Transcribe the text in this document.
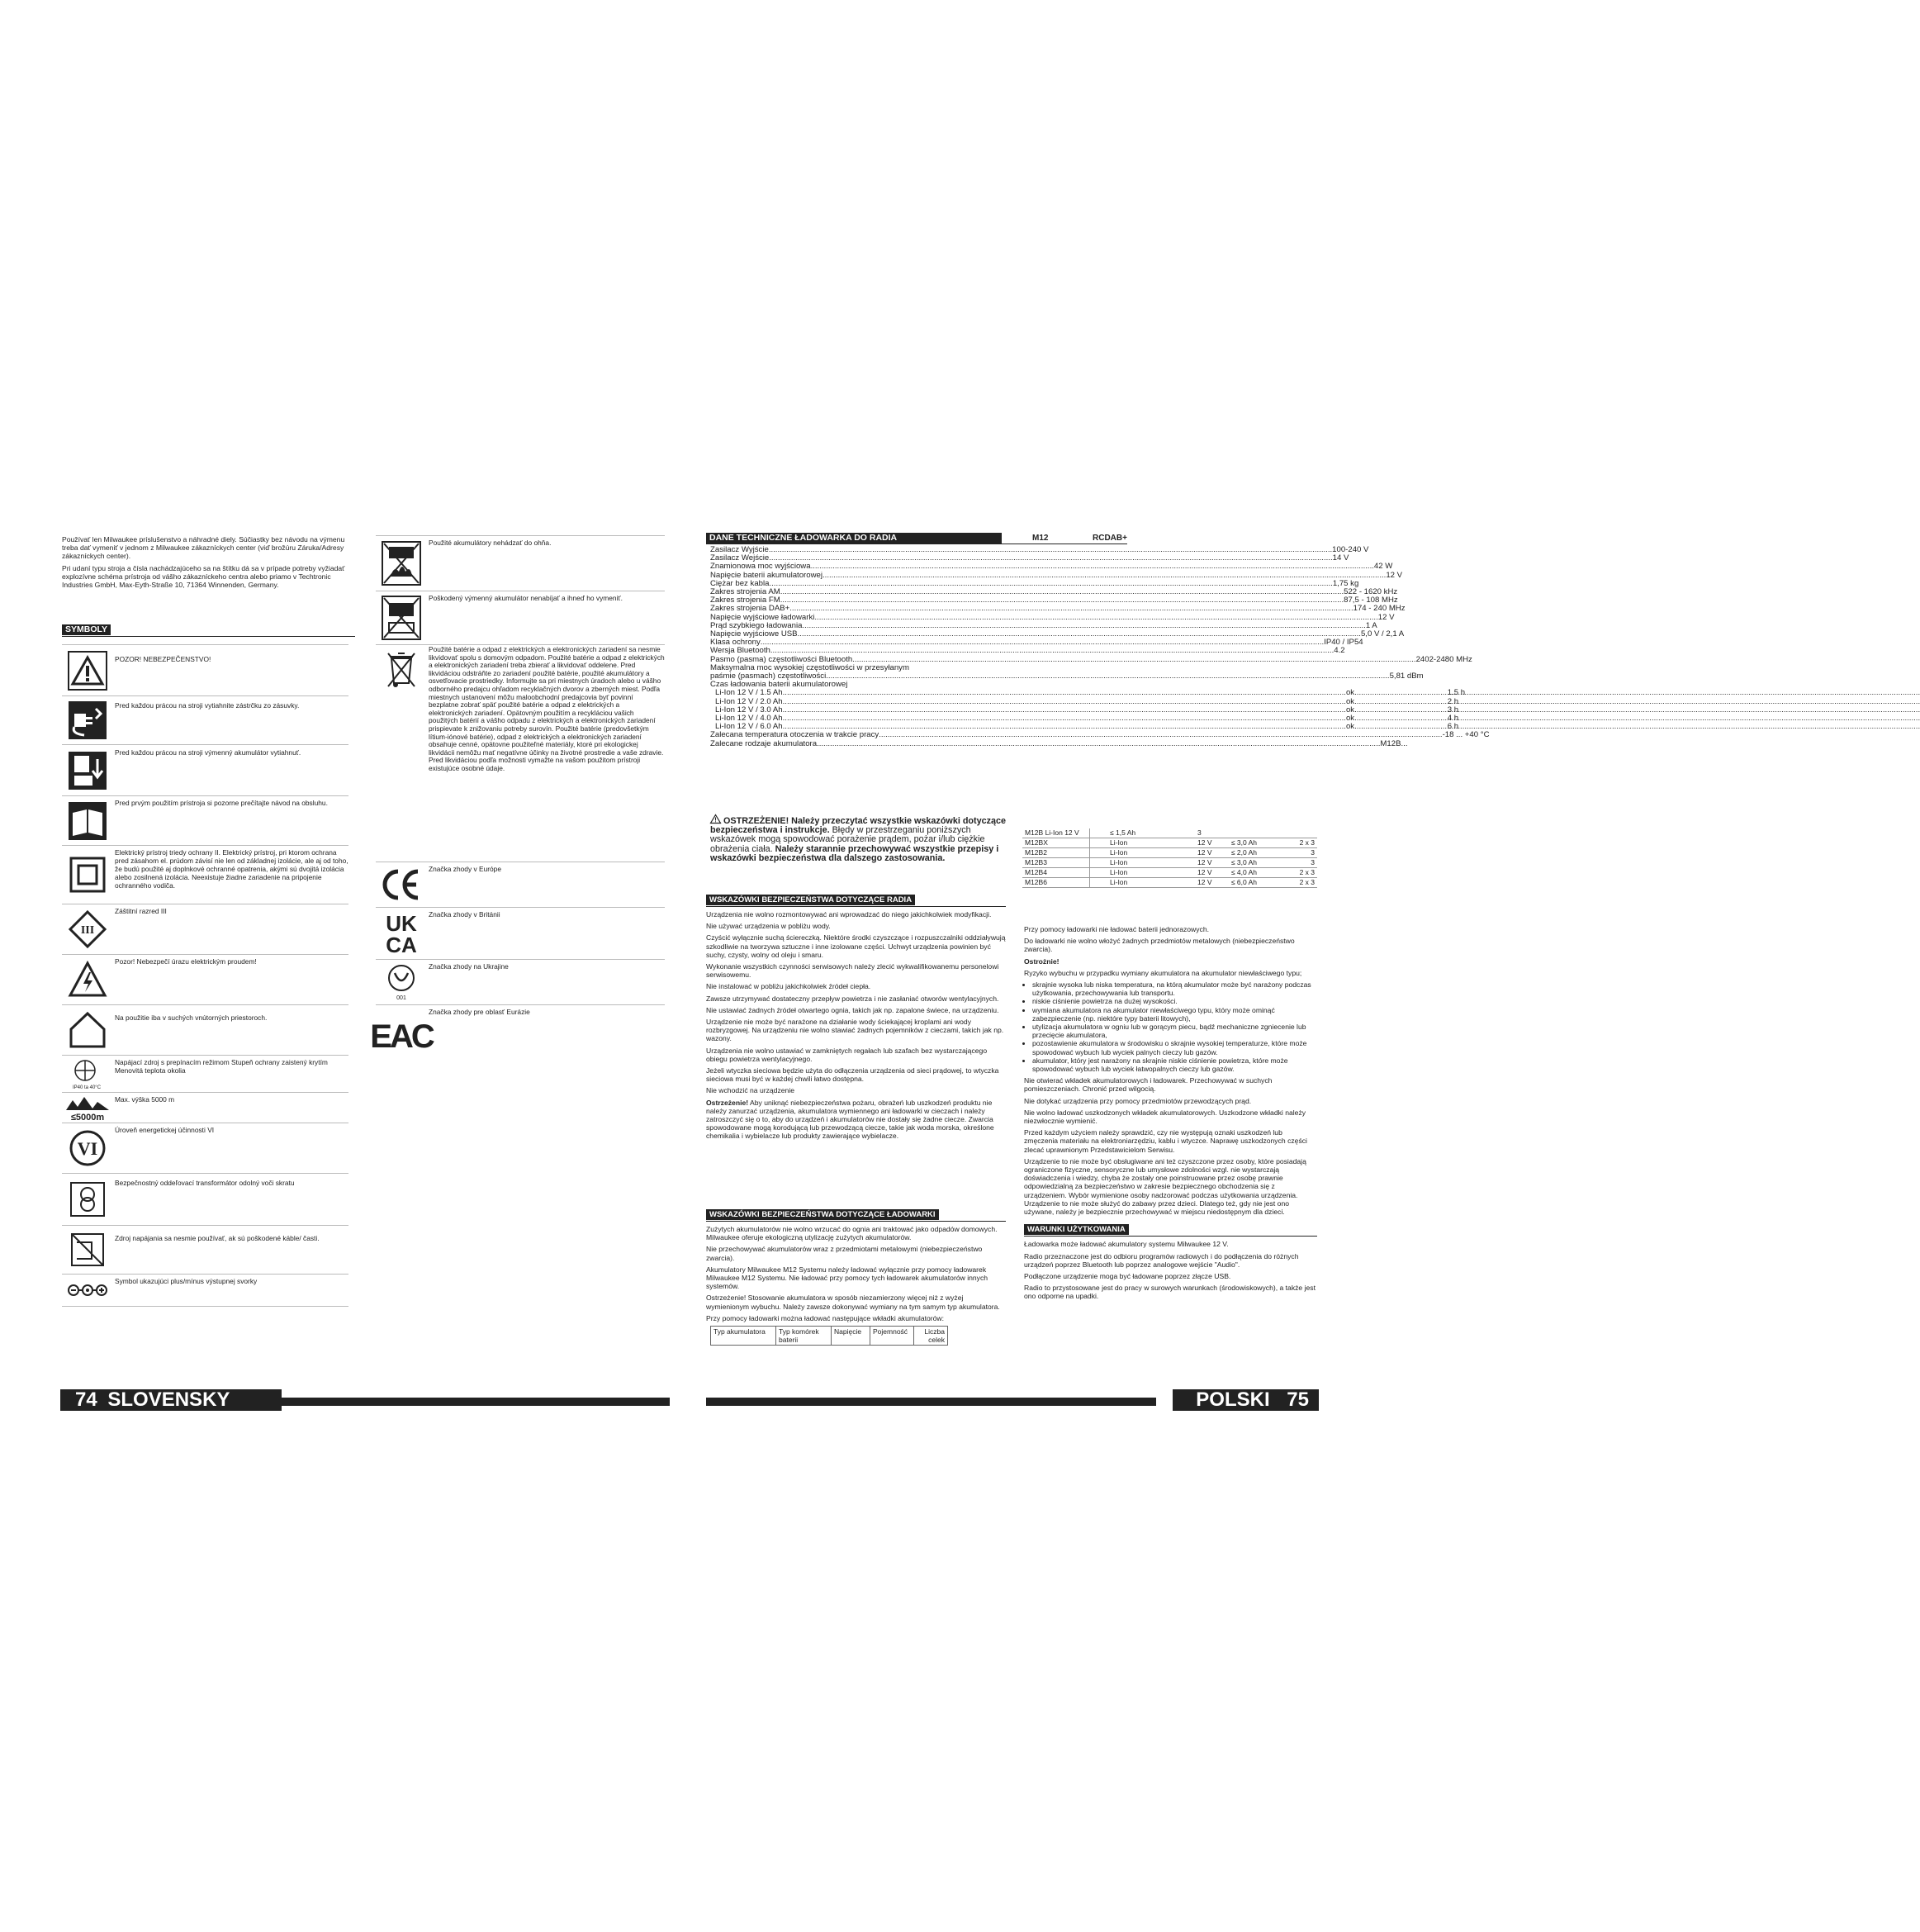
Používať len Milwaukee príslušenstvo a náhradné diely. Súčiastky bez návodu na výmenu treba dať vymeniť v jednom z Milwaukee zákazníckych center (viď brožúru Záruka/Adresy zákazníckych center).

Pri udaní typu stroja a čísla nachádzajúceho sa na štítku dá sa v prípade potreby vyžiadať explozívne schéma prístroja od vášho zákazníckeho centra alebo priamo v Techtronic Industries GmbH, Max-Eyth-Straße 10, 71364 Winnenden, Germany.

SYMBOLY
POZOR! NEBEZPEČENSTVO!
Pred každou prácou na stroji vytiahnite zástrčku zo zásuvky.
Pred každou prácou na stroji výmenný akumulátor vytiahnuť.
Pred prvým použitím prístroja si pozorne prečítajte návod na obsluhu.
Elektrický prístroj triedy ochrany II. Elektrický prístroj, pri ktorom ochrana pred zásahom el. prúdom závisí nie len od základnej izolácie, ale aj od toho, že budú použité aj doplnkové ochranné opatrenia, akými sú dvojitá izolácia alebo zosilnená izolácia. Neexistuje žiadne zariadenie na pripojenie ochranného vodiča.
III
Záštitní razred III
Pozor! Nebezpečí úrazu elektrickým proudem!
Na použitie iba v suchých vnútorných priestoroch.
IP40 ta 40°C
Napájací zdroj s prepínacím režimom Stupeň ochrany zaistený krytím Menovitá teplota okolia
≤5000m
Max. výška 5000 m
VI
Úroveň energetickej účinnosti VI
Bezpečnostný oddeľovací transformátor odolný voči skratu
Zdroj napájania sa nesmie používať, ak sú poškodené káble/ časti.
Symbol ukazujúci plus/mínus výstupnej svorky
Použité akumulátory nehádzať do ohňa.
Poškodený výmenný akumulátor nenabíjať a ihneď ho vymeniť.
Použité batérie a odpad z elektrických a elektronických zariadení sa nesmie likvidovať spolu s domovým odpadom. Použité batérie a odpad z elektrických a elektronických zariadení treba zbierať a likvidovať oddelene. Pred likvidáciou odstráňte zo zariadení použité batérie, použité akumulátory a osvetľovacie prostriedky. Informujte sa pri miestnych úradoch alebo u vášho odborného predajcu ohľadom recyklačných dvorov a zberných miest. Podľa miestnych ustanovení môžu maloobchodní predajcovia byť povinní bezplatne zobrať späť použité batérie a odpad z elektrických a elektronických zariadení. Opätovným použitím a recykláciou vašich použitých batérií a vášho odpadu z elektrických a elektronických zariadení prispievate k znižovaniu potreby surovín. Použité batérie (predovšetkým lítium-iónové batérie), odpad z elektrických a elektronických zariadení obsahuje cenné, opätovne použiteľné materiály, ktoré pri ekologickej likvidácii nemôžu mať negatívne účinky na životné prostredie a vaše zdravie. Pred likvidáciou podľa možnosti vymažte na vašom použitom prístroji existujúce osobné údaje.
Značka zhody v Európe
UK
CA
Značka zhody v Británii
001
Značka zhody na Ukrajine
EAC
Značka zhody pre oblasť Eurázie
74 SLOVENSKY
DANE TECHNICZNE ŁADOWARKA DO RADIA	M12	RCDAB+
Zasilacz Wyjście .....	100-240 V
Zasilacz Wejście .....	14 V
Znamionowa moc wyjściowa .....	42 W
Napięcie baterii akumulatorowej .....	12 V
Ciężar bez kabla .....	1,75 kg
Zakres strojenia AM .....	522 - 1620 kHz
Zakres strojenia FM .....	87,5 - 108 MHz
Zakres strojenia DAB+ .....	174 - 240 MHz
Napięcie wyjściowe ładowarki .....	12 V
Prąd szybkiego ładowania .....	1 A
Napięcie wyjściowe USB .....	5,0 V / 2,1 A
Klasa ochrony .....	IP40 / IP54
Wersja Bluetooth .....	4.2
Pasmo (pasma) częstotliwości Bluetooth .....	2402-2480 MHz
Maksymalna moc wysokiej częstotliwości w przesyłanym
paśmie (pasmach) częstotliwości .....	5,81 dBm
Czas ładowania baterii akumulatorowej
Li-Ion 12 V / 1.5 Ah .....	ok. .....	1.5 h
Li-Ion 12 V / 2.0 Ah .....	ok. .....	2 h
Li-Ion 12 V / 3.0 Ah .....	ok. .....	3 h
Li-Ion 12 V / 4.0 Ah .....	ok. .....	4 h
Li-Ion 12 V / 6.0 Ah .....	ok. .....	6 h
Zalecana temperatura otoczenia w trakcie pracy .....	-18 ... +40 °C
Zalecane rodzaje akumulatora .....	M12B...
OSTRZEŻENIE! Należy przeczytać wszystkie wskazówki dotyczące bezpieczeństwa i instrukcje. Błędy w przestrzeganiu poniższych wskazówek mogą spowodować porażenie prądem, pożar i/lub ciężkie obrażenia ciała. Należy starannie przechowywać wszystkie przepisy i wskazówki bezpieczeństwa dla dalszego zastosowania.
WSKAZÓWKI BEZPIECZEŃSTWA DOTYCZĄCE RADIA

Urządzenia nie wolno rozmontowywać ani wprowadzać do niego jakichkolwiek modyfikacji.

Nie używać urządzenia w pobliżu wody.

Czyścić wyłącznie suchą ściereczką. Niektóre środki czyszczące i rozpuszczalniki oddziaływują szkodliwie na tworzywa sztuczne i inne izolowane części. Uchwyt urządzenia powinien być suchy, czysty, wolny od oleju i smaru.

Wykonanie wszystkich czynności serwisowych należy zlecić wykwalifikowanemu personelowi serwisowemu.

Nie instalować w pobliżu jakichkolwiek źródeł ciepła.

Zawsze utrzymywać dostateczny przepływ powietrza i nie zasłaniać otworów wentylacyjnych.

Nie ustawiać żadnych źródeł otwartego ognia, takich jak np. zapalone świece, na urządzeniu.

Urządzenie nie może być narażone na działanie wody ściekającej kroplami ani wody rozbryzgowej. Na urządzeniu nie wolno stawiać żadnych pojemników z cieczami, takich jak np. wazony.

Urządzenia nie wolno ustawiać w zamkniętych regałach lub szafach bez wystarczającego obiegu powietrza wentylacyjnego.

Jeżeli wtyczka sieciowa będzie użyta do odłączenia urządzenia od sieci prądowej, to wtyczka sieciowa musi być w każdej chwili łatwo dostępna.

Nie wchodzić na urządzenie

Ostrzeżenie! Aby uniknąć niebezpieczeństwa pożaru, obrażeń lub uszkodzeń produktu nie należy zanurzać urządzenia, akumulatora wymiennego ani ładowarki w cieczach i należy zatroszczyć się o to, aby do urządzeń i akumulatorów nie dostały się żadne ciecze. Zwarcia spowodowane mogą korodującą lub przewodzącą ciecze, takie jak woda morska, określone chemikalia i wybielacze lub produkty zawierające wybielacze.

WSKAZÓWKI BEZPIECZEŃSTWA DOTYCZĄCE ŁADOWARKI

Zużytych akumulatorów nie wolno wrzucać do ognia ani traktować jako odpadów domowych. Milwaukee oferuje ekologiczną utylizację zużytych akumulatorów.

Nie przechowywać akumulatorów wraz z przedmiotami metalowymi (niebezpieczeństwo zwarcia).

Akumulatory Milwaukee M12 Systemu należy ładować wyłącznie przy pomocy ładowarek Milwaukee M12 Systemu. Nie ładować przy pomocy tych ładowarek akumulatorów innych systemów.

Ostrzeżenie! Stosowanie akumulatora w sposób niezamierzony więcej niż z wyżej wymienionym wybuchu. Należy zawsze dokonywać wymiany na tym samym typ akumulatora.

Przy pomocy ładowarki można ładować następujące wkładki akumulatorów:

Typ akumulatora	Typ komórek baterii	Napięcie	Pojemność	Liczba celek
M12B Li-Ion 12 V	≤ 1,5 Ah	3		
M12BX	Li-Ion	12 V	≤ 3,0 Ah	2 x 3
M12B2	Li-Ion	12 V	≤ 2,0 Ah	3
M12B3	Li-Ion	12 V	≤ 3,0 Ah	3
M12B4	Li-Ion	12 V	≤ 4,0 Ah	2 x 3
M12B6	Li-Ion	12 V	≤ 6,0 Ah	2 x 3

Przy pomocy ładowarki nie ładować baterii jednorazowych.

Do ładowarki nie wolno włożyć żadnych przedmiotów metalowych (niebezpieczeństwo zwarcia).

Ostrożnie!

Ryzyko wybuchu w przypadku wymiany akumulatora na akumulator niewłaściwego typu;

• skrajnie wysoka lub niska temperatura, na którą akumulator może być narażony podczas użytkowania, przechowywania lub transportu.
• niskie ciśnienie powietrza na dużej wysokości.
• wymiana akumulatora na akumulator niewłaściwego typu, który może ominąć zabezpieczenie (np. niektóre typy baterii litowych),
• utylizacja akumulatora w ogniu lub w gorącym piecu, bądź mechaniczne zgniecenie lub przecięcie akumulatora,
• pozostawienie akumulatora w środowisku o skrajnie wysokiej temperaturze, które może spowodować wybuch lub wyciek palnych cieczy lub gazów.
• akumulator, który jest narażony na skrajnie niskie ciśnienie powietrza, które może spowodować wybuch lub wyciek łatwopalnych cieczy lub gazów.

Nie otwierać wkładek akumulatorowych i ładowarek. Przechowywać w suchych pomieszczeniach. Chronić przed wilgocią.

Nie dotykać urządzenia przy pomocy przedmiotów przewodzących prąd.

Nie wolno ładować uszkodzonych wkładek akumulatorowych. Uszkodzone wkładki należy niezwłocznie wymienić.

Przed każdym użyciem należy sprawdzić, czy nie występują oznaki uszkodzeń lub zmęczenia materiału na elektroniarzędziu, kablu i wtyczce. Naprawę uszkodzonych części zlecać uprawnionym Przedstawicielom Serwisu.

Urządzenie to nie może być obsługiwane ani też czyszczone przez osoby, które posiadają ograniczone fizyczne, sensoryczne lub umysłowe zdolności wzgl. nie wystarczają doświadczenia i wiedzy, chyba że zostały one poinstruowane przez osobę prawnie odpowiedzialną za bezpieczeństwo w zakresie bezpiecznego obchodzenia się z urządzeniem. Wybór wymienione osoby nadzorować podczas użytkowania urządzenia. Urządzenie to nie może służyć do zabawy przez dzieci. Dlatego też, gdy nie jest ono używane, należy je bezpiecznie przechowywać w miejscu niedostępnym dla dzieci.

WARUNKI UŻYTKOWANIA

Ładowarka może ładować akumulatory systemu Milwaukee 12 V.

Radio przeznaczone jest do odbioru programów radiowych i do podłączenia do różnych urządzeń poprzez Bluetooth lub poprzez analogowe wejście "Audio".

Podłączone urządzenie moga być ładowane poprzez złącze USB.

Radio to przystosowane jest do pracy w surowych warunkach (środowiskowych), a także jest ono odporne na upadki.

POLSKI 75
